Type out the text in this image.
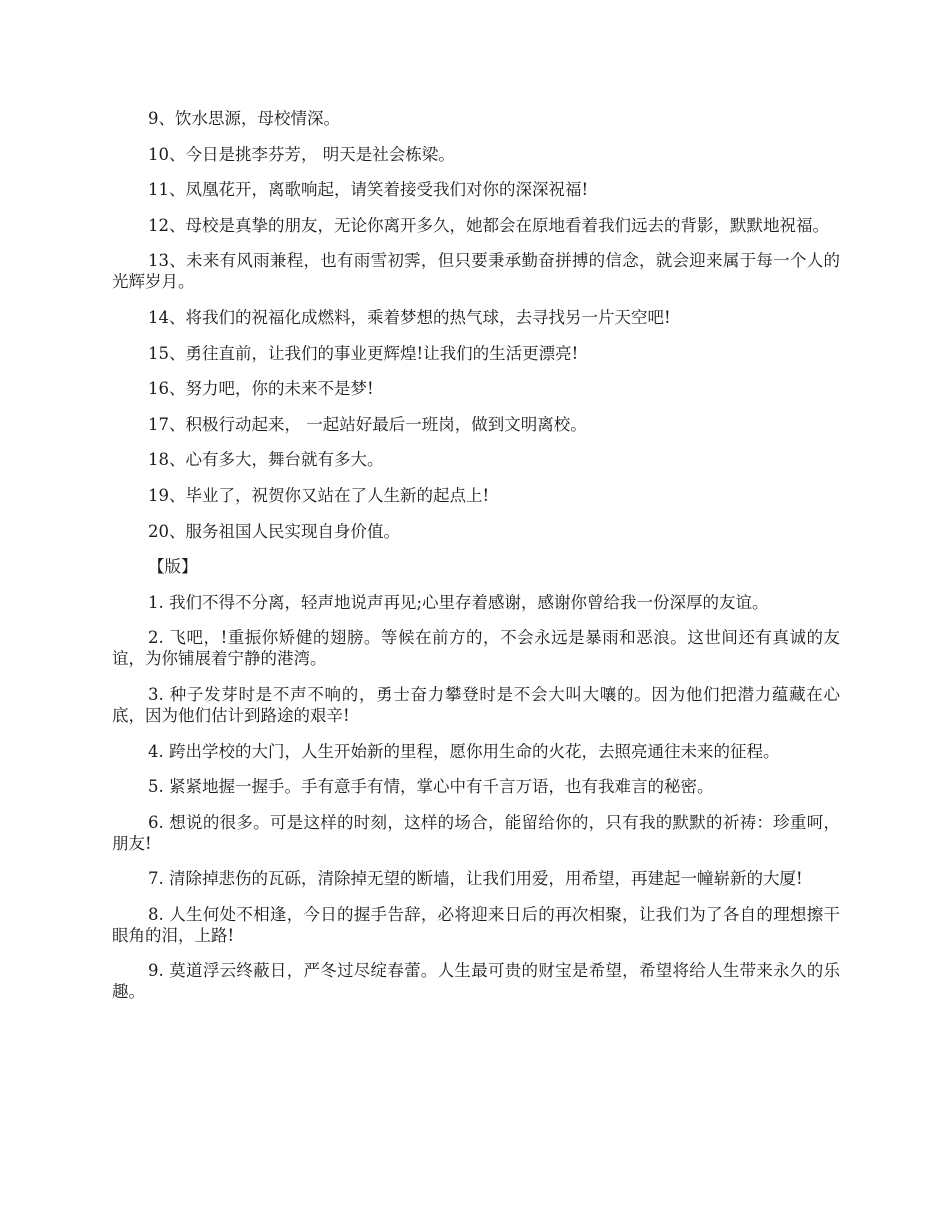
9、饮水思源，母校情深。

10、今日是挑李芬芳， 明天是社会栋梁。

11、凤凰花开，离歌响起，请笑着接受我们对你的深深祝福!

12、母校是真挚的朋友，无论你离开多久，她都会在原地看着我们远去的背影，默默地祝福。

13、未来有风雨兼程，也有雨雪初霁，但只要秉承勤奋拼搏的信念，就会迎来属于每一个人的光辉岁月。

14、将我们的祝福化成燃料，乘着梦想的热气球，去寻找另一片天空吧!

15、勇往直前，让我们的事业更辉煌!让我们的生活更漂亮!

16、努力吧，你的未来不是梦!

17、积极行动起来， 一起站好最后一班岗，做到文明离校。

18、心有多大，舞台就有多大。

19、毕业了，祝贺你又站在了人生新的起点上!

20、服务祖国人民实现自身价值。

【版】

1. 我们不得不分离，轻声地说声再见;心里存着感谢，感谢你曾给我一份深厚的友谊。

2. 飞吧，!重振你矫健的翅膀。等候在前方的，不会永远是暴雨和恶浪。这世间还有真诚的友谊，为你铺展着宁静的港湾。

3. 种子发芽时是不声不响的，勇士奋力攀登时是不会大叫大嚷的。因为他们把潜力蕴藏在心底，因为他们估计到路途的艰辛!

4. 跨出学校的大门，人生开始新的里程，愿你用生命的火花，去照亮通往未来的征程。

5. 紧紧地握一握手。手有意手有情，掌心中有千言万语，也有我难言的秘密。

6. 想说的很多。可是这样的时刻，这样的场合，能留给你的，只有我的默默的祈祷：珍重呵，朋友!

7. 清除掉悲伤的瓦砾，清除掉无望的断墙，让我们用爱，用希望，再建起一幢崭新的大厦!

8. 人生何处不相逢，今日的握手告辞，必将迎来日后的再次相聚，让我们为了各自的理想擦干眼角的泪，上路!

9. 莫道浮云终蔽日，严冬过尽绽春蕾。人生最可贵的财宝是希望，希望将给人生带来永久的乐趣。
